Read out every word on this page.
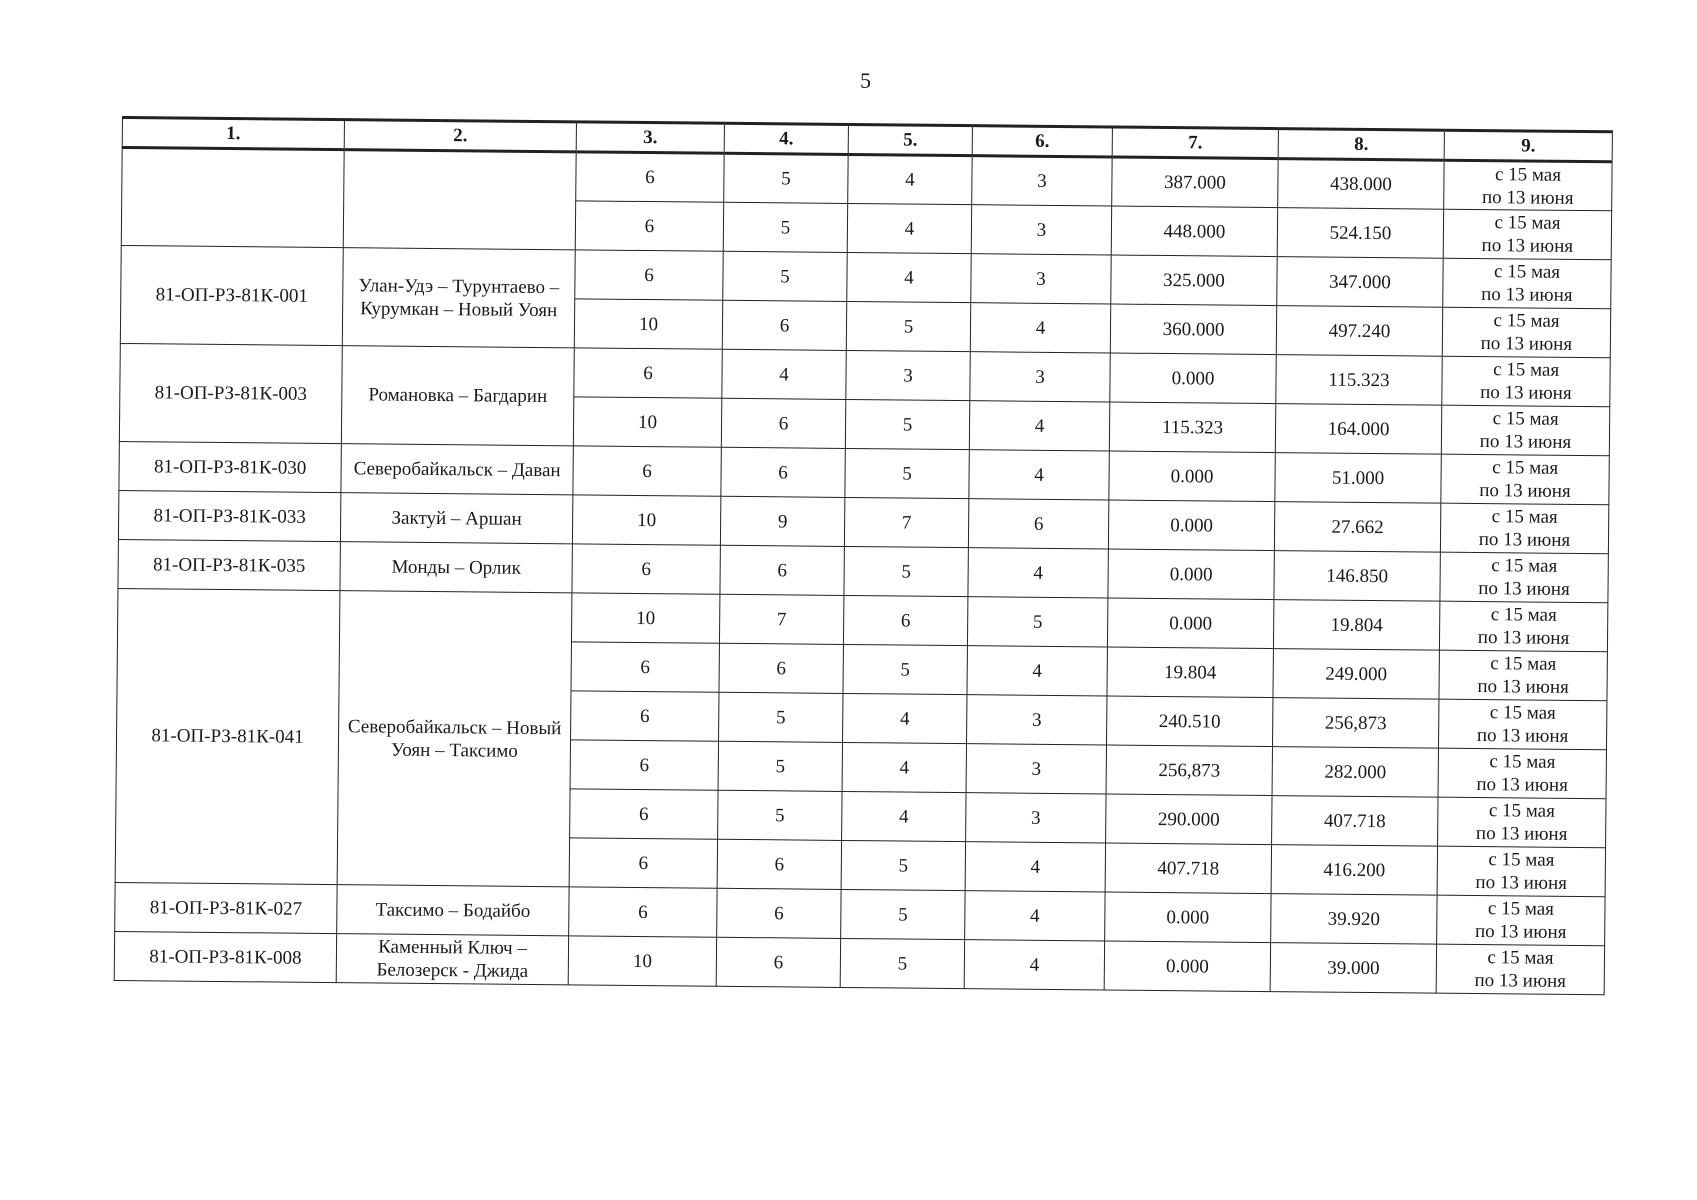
5
1.	2.	3.	4.	5.	6.	7.	8.	9.
		6	5	4	3	387.000	438.000	с 15 мая
по 13 июня

		6	5	4	3	448.000	524.150	с 15 мая
по 13 июня

81-ОП-РЗ-81К-001	Улан-Удэ – Турунтаево – Курумкан – Новый Уоян	6	5	4	3	325.000	347.000	с 15 мая
по 13 июня

		10	6	5	4	360.000	497.240	с 15 мая
по 13 июня

81-ОП-РЗ-81К-003	Романовка – Багдарин	6	4	3	3	0.000	115.323	с 15 мая
по 13 июня

		10	6	5	4	115.323	164.000	с 15 мая
по 13 июня

81-ОП-РЗ-81К-030	Северобайкальск – Даван	6	6	5	4	0.000	51.000	с 15 мая
по 13 июня

81-ОП-РЗ-81К-033	Зактуй – Аршан	10	9	7	6	0.000	27.662	с 15 мая
по 13 июня

81-ОП-РЗ-81К-035	Монды – Орлик	6	6	5	4	0.000	146.850	с 15 мая
по 13 июня

81-ОП-РЗ-81К-041	Северобайкальск – Новый Уоян – Таксимо	10	7	6	5	0.000	19.804	с 15 мая
по 13 июня

		6	6	5	4	19.804	249.000	с 15 мая
по 13 июня

		6	5	4	3	240.510	256,873	с 15 мая
по 13 июня

		6	5	4	3	256,873	282.000	с 15 мая
по 13 июня

		6	5	4	3	290.000	407.718	с 15 мая
по 13 июня

		6	6	5	4	407.718	416.200	с 15 мая
по 13 июня

81-ОП-РЗ-81К-027	Таксимо – Бодайбо	6	6	5	4	0.000	39.920	с 15 мая
по 13 июня

81-ОП-РЗ-81К-008	Каменный Ключ – Белозерск - Джида	10	6	5	4	0.000	39.000	с 15 мая
по 13 июня
